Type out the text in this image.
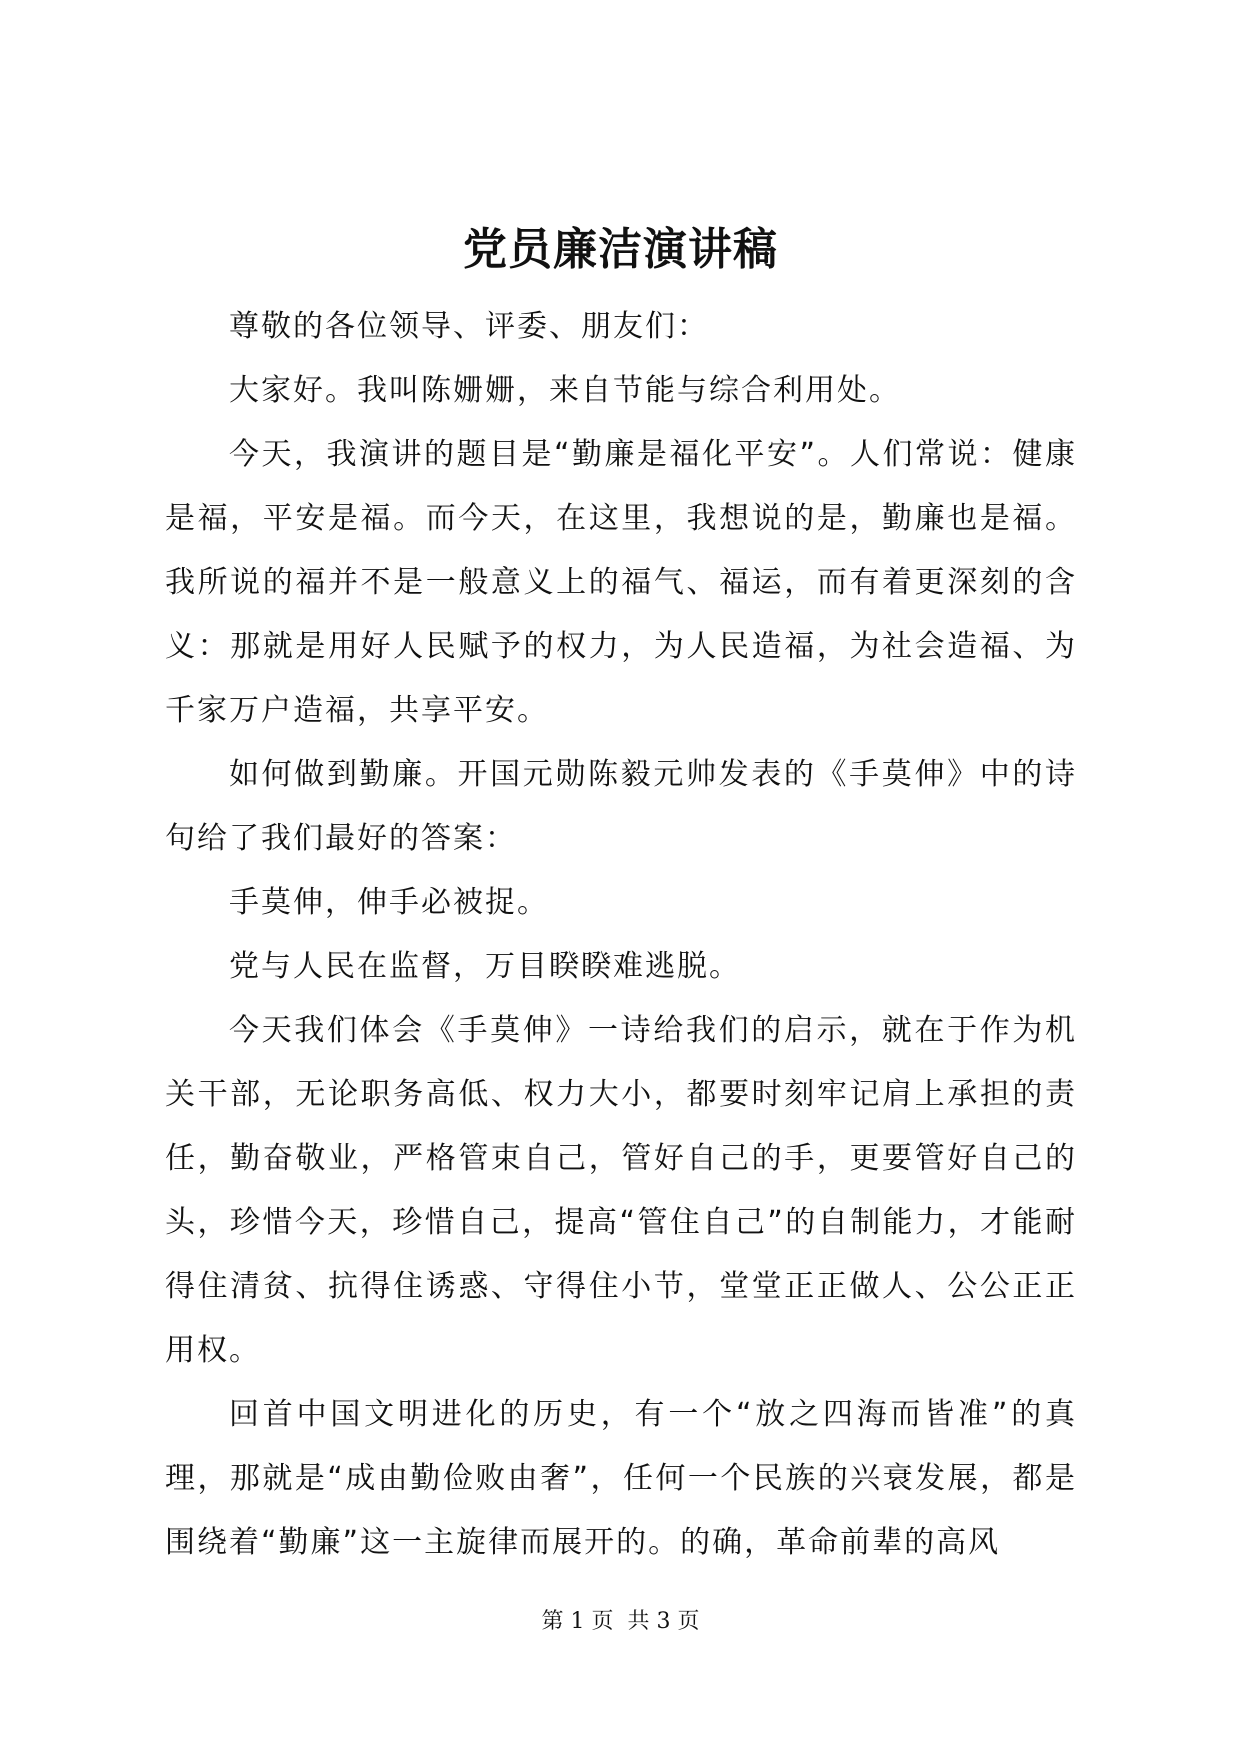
党员廉洁演讲稿

尊敬的各位领导、评委、朋友们：

大家好。我叫陈姗姗，来自节能与综合利用处。

今天，我演讲的题目是“勤廉是福化平安”。人们常说：健康是福，平安是福。而今天，在这里，我想说的是，勤廉也是福。我所说的福并不是一般意义上的福气、福运，而有着更深刻的含义：那就是用好人民赋予的权力，为人民造福，为社会造福、为千家万户造福，共享平安。

如何做到勤廉。开国元勋陈毅元帅发表的《手莫伸》中的诗句给了我们最好的答案：

手莫伸，伸手必被捉。

党与人民在监督，万目睽睽难逃脱。

今天我们体会《手莫伸》一诗给我们的启示，就在于作为机关干部，无论职务高低、权力大小，都要时刻牢记肩上承担的责任，勤奋敬业，严格管束自己，管好自己的手，更要管好自己的头，珍惜今天，珍惜自己，提高“管住自己”的自制能力，才能耐得住清贫、抗得住诱惑、守得住小节，堂堂正正做人、公公正正用权。

回首中国文明进化的历史，有一个“放之四海而皆准”的真理，那就是“成由勤俭败由奢”，任何一个民族的兴衰发展，都是围绕着“勤廉”这一主旋律而展开的。的确，革命前辈的高风

第 1 页  共 3 页
